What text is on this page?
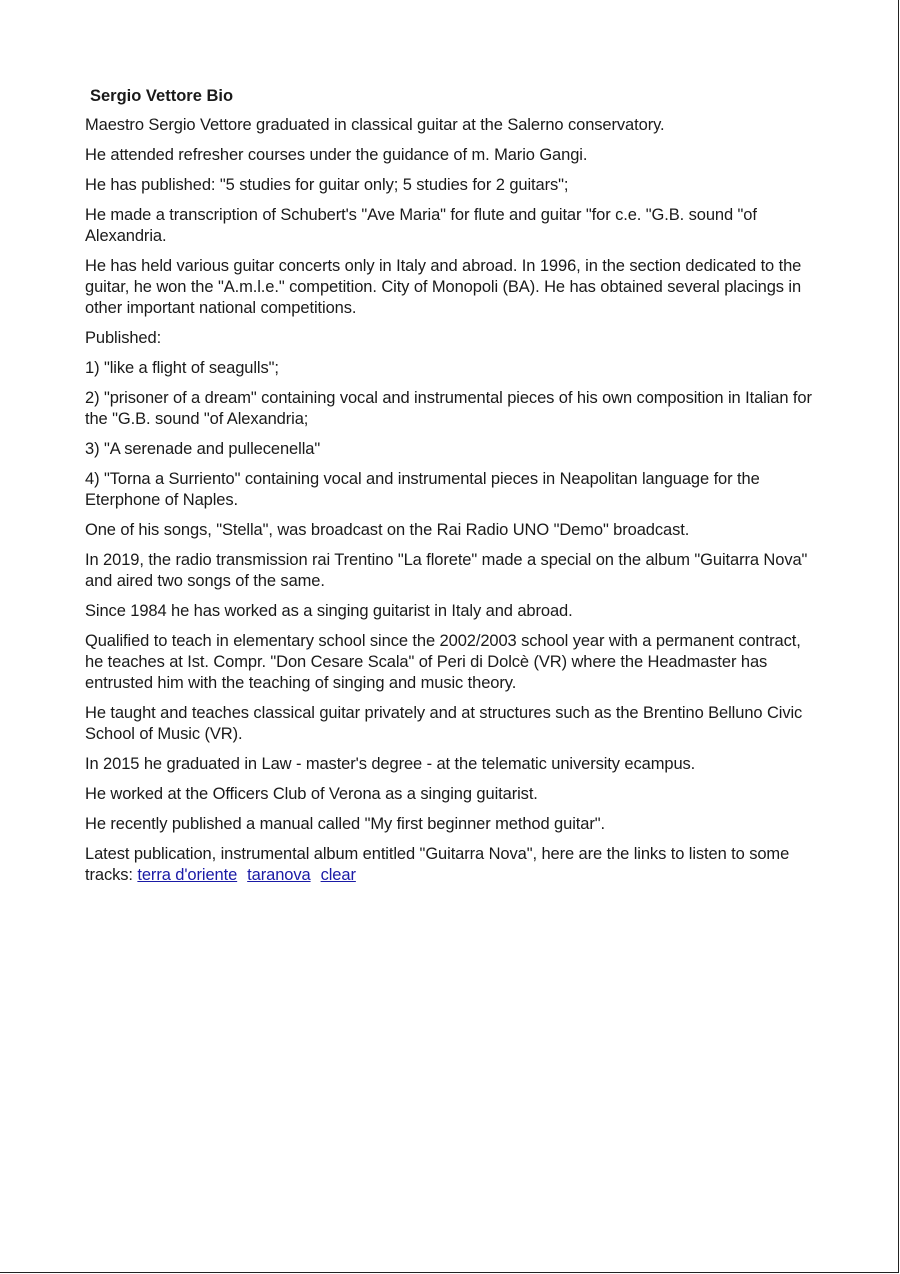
Sergio Vettore Bio

Maestro Sergio Vettore graduated in classical guitar at the Salerno conservatory.

He attended refresher courses under the guidance of m. Mario Gangi.

He has published: "5 studies for guitar only; 5 studies for 2 guitars";

He made a transcription of Schubert's "Ave Maria" for flute and guitar "for c.e. "G.B. sound "of Alexandria.

He has held various guitar concerts only in Italy and abroad. In 1996, in the section dedicated to the guitar, he won the "A.m.l.e." competition. City of Monopoli (BA). He has obtained several placings in other important national competitions.

Published:

1) "like a flight of seagulls";

2) "prisoner of a dream" containing vocal and instrumental pieces of his own composition in Italian for the "G.B. sound "of Alexandria;

3) "A serenade and pullecenella"

4) "Torna a Surriento" containing vocal and instrumental pieces in Neapolitan language for the Eterphone of Naples.

One of his songs, "Stella", was broadcast on the Rai Radio UNO "Demo" broadcast.

In 2019, the radio transmission rai Trentino "La florete" made a special on the album "Guitarra Nova" and aired two songs of the same.

Since 1984 he has worked as a singing guitarist in Italy and abroad.

Qualified to teach in elementary school since the 2002/2003 school year with a permanent contract, he teaches at Ist. Compr. "Don Cesare Scala" of Peri di Dolcè (VR) where the Headmaster has entrusted him with the teaching of singing and music theory.

He taught and teaches classical guitar privately and at structures such as the Brentino Belluno Civic School of Music (VR).

In 2015 he graduated in Law - master's degree - at the telematic university ecampus.

He worked at the Officers Club of Verona as a singing guitarist.

He recently published a manual called "My first beginner method guitar".

Latest publication, instrumental album entitled "Guitarra Nova", here are the links to listen to some tracks: terra d'oriente taranova clear
